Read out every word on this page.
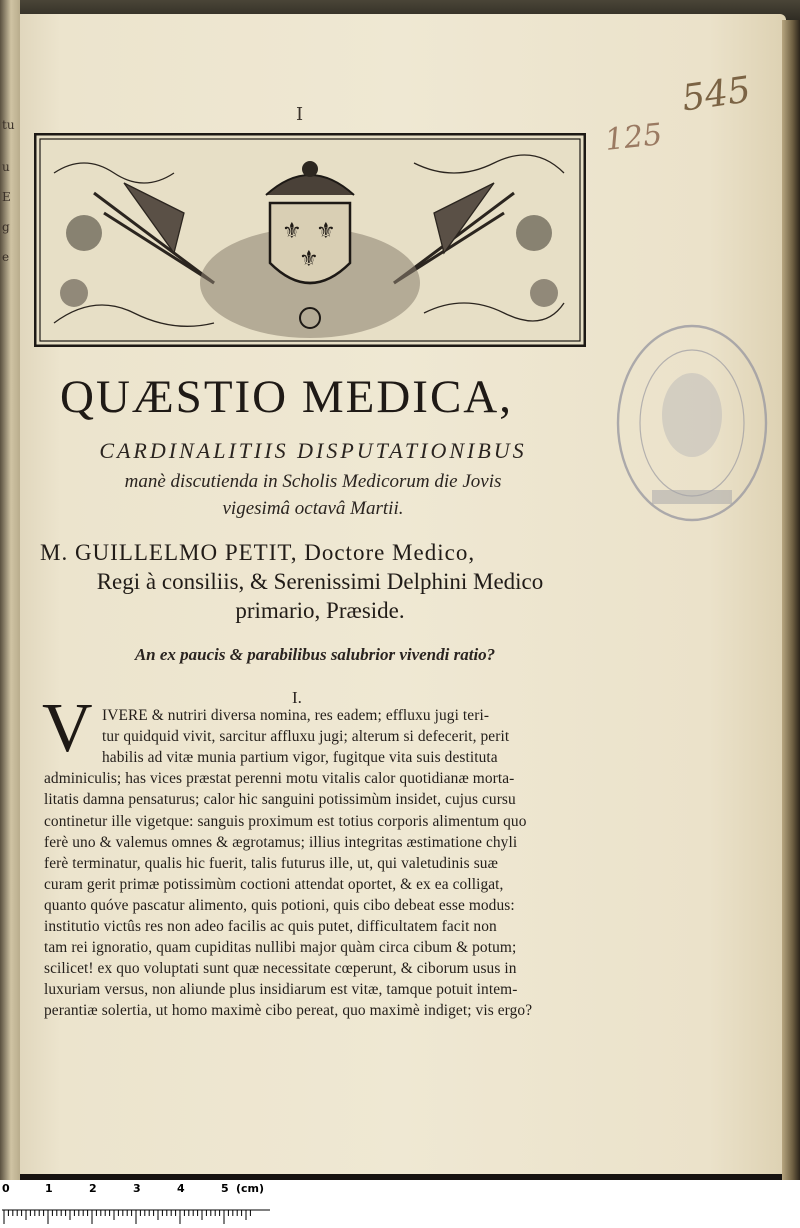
tu
u
E
g
e
I	545
125
⚜ ⚜
⚜
QUÆSTIO MEDICA,
CARDINALITIIS DISPUTATIONIBUS
manè discutienda in Scholis Medicorum die Jovis
vigesimâ octavâ Martii.
M. GUILLELMO PETIT, Doctore Medico,
Regi à consiliis, & Serenissimi Delphini Medico
primario, Præside.
An ex paucis & parabilibus salubrior vivendi ratio?
I.
V IVERE & nutriri diversa nomina, res eadem; effluxu jugi teri-
tur quidquid vivit, sarcitur affluxu jugi; alterum si defecerit, perit
habilis ad vitæ munia partium vigor, fugitque vita suis destituta
adminiculis; has vices præstat perenni motu vitalis calor quotidianæ morta-
litatis damna pensaturus; calor hic sanguini potissimùm insidet, cujus cursu
continetur ille vigetque: sanguis proximum est totius corporis alimentum quo
ferè uno & valemus omnes & ægrotamus; illius integritas æstimatione chyli
ferè terminatur, qualis hic fuerit, talis futurus ille, ut, qui valetudinis suæ
curam gerit primæ potissimùm coctioni attendat oportet, & ex ea colligat,
quanto quóve pascatur alimento, quis potioni, quis cibo debeat esse modus:
institutio victûs res non adeo facilis ac quis putet, difficultatem facit non
tam rei ignoratio, quam cupiditas nullibi major quàm circa cibum & potum;
scilicet! ex quo voluptati sunt quæ necessitate cœperunt, & ciborum usus in
luxuriam versus, non aliunde plus insidiarum est vitæ, tamque potuit intem-
perantiæ solertia, ut homo maximè cibo pereat, quo maximè indiget; vis ergo?
0	1	2	3	4	5 (cm)
